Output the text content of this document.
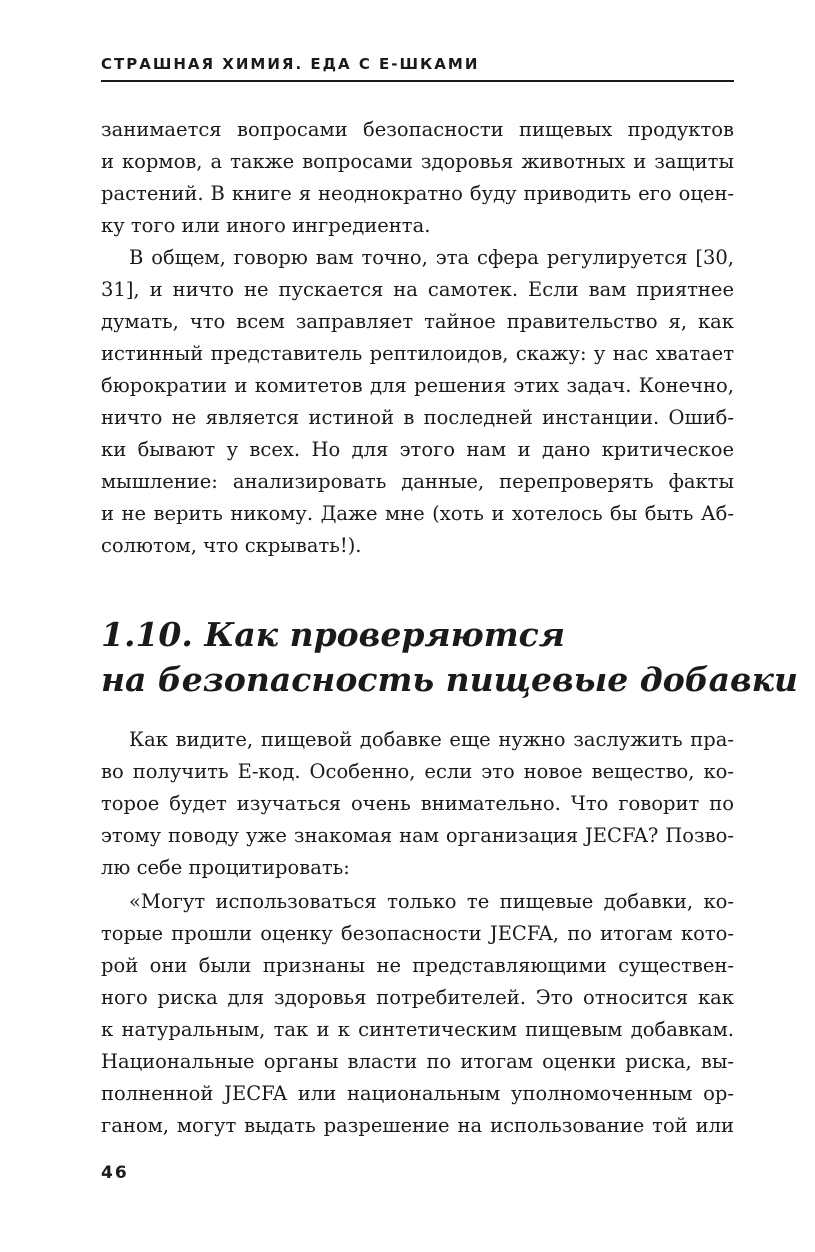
СТРАШНАЯ ХИМИЯ. ЕДА С Е-ШКАМИ
занимается вопросами безопасности пищевых продуктов
и кормов, а также вопросами здоровья животных и защиты
растений. В книге я неоднократно буду приводить его оцен-
ку того или иного ингредиента.
В общем, говорю вам точно, эта сфера регулируется [30,
31], и ничто не пускается на самотек. Если вам приятнее
думать, что всем заправляет тайное правительство я, как
истинный представитель рептилоидов, скажу: у нас хватает
бюрократии и комитетов для решения этих задач. Конечно,
ничто не является истиной в последней инстанции. Ошиб-
ки бывают у всех. Но для этого нам и дано критическое
мышление: анализировать данные, перепроверять факты
и не верить никому. Даже мне (хоть и хотелось бы быть Аб-
солютом, что скрывать!).
1.10. Как проверяются
на безопасность пищевые добавки
Как видите, пищевой добавке еще нужно заслужить пра-
во получить Е-код. Особенно, если это новое вещество, ко-
торое будет изучаться очень внимательно. Что говорит по
этому поводу уже знакомая нам организация JECFA? Позво-
лю себе процитировать:
«Могут использоваться только те пищевые добавки, ко-
торые прошли оценку безопасности JECFA, по итогам кото-
рой они были признаны не представляющими существен-
ного риска для здоровья потребителей. Это относится как
к натуральным, так и к синтетическим пищевым добавкам.
Национальные органы власти по итогам оценки риска, вы-
полненной JECFA или национальным уполномоченным ор-
ганом, могут выдать разрешение на использование той или
46
